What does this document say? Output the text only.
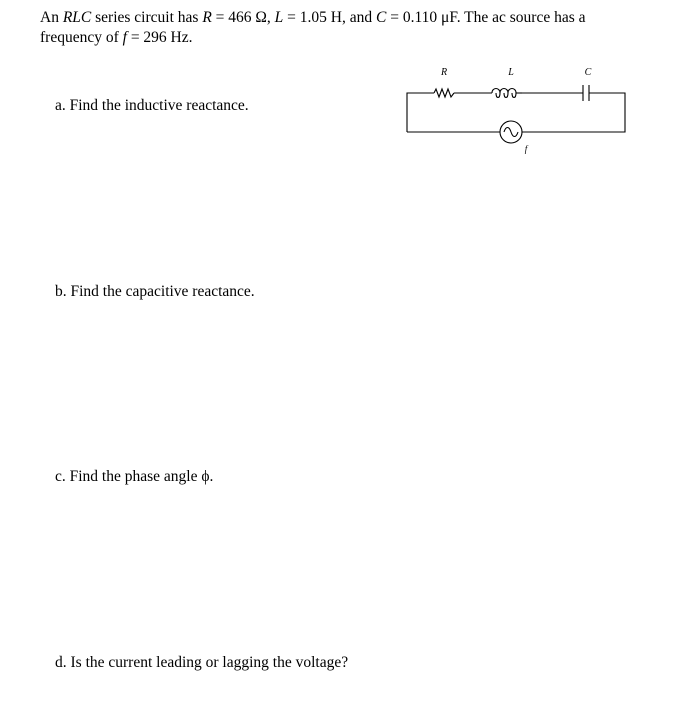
An RLC series circuit has R = 466 Ω, L = 1.05 H, and C = 0.110 μF. The ac source has a

frequency of f = 296 Hz.

R	L	C
f
a. Find the inductive reactance.
b. Find the capacitive reactance.
c. Find the phase angle ϕ.
d. Is the current leading or lagging the voltage?
